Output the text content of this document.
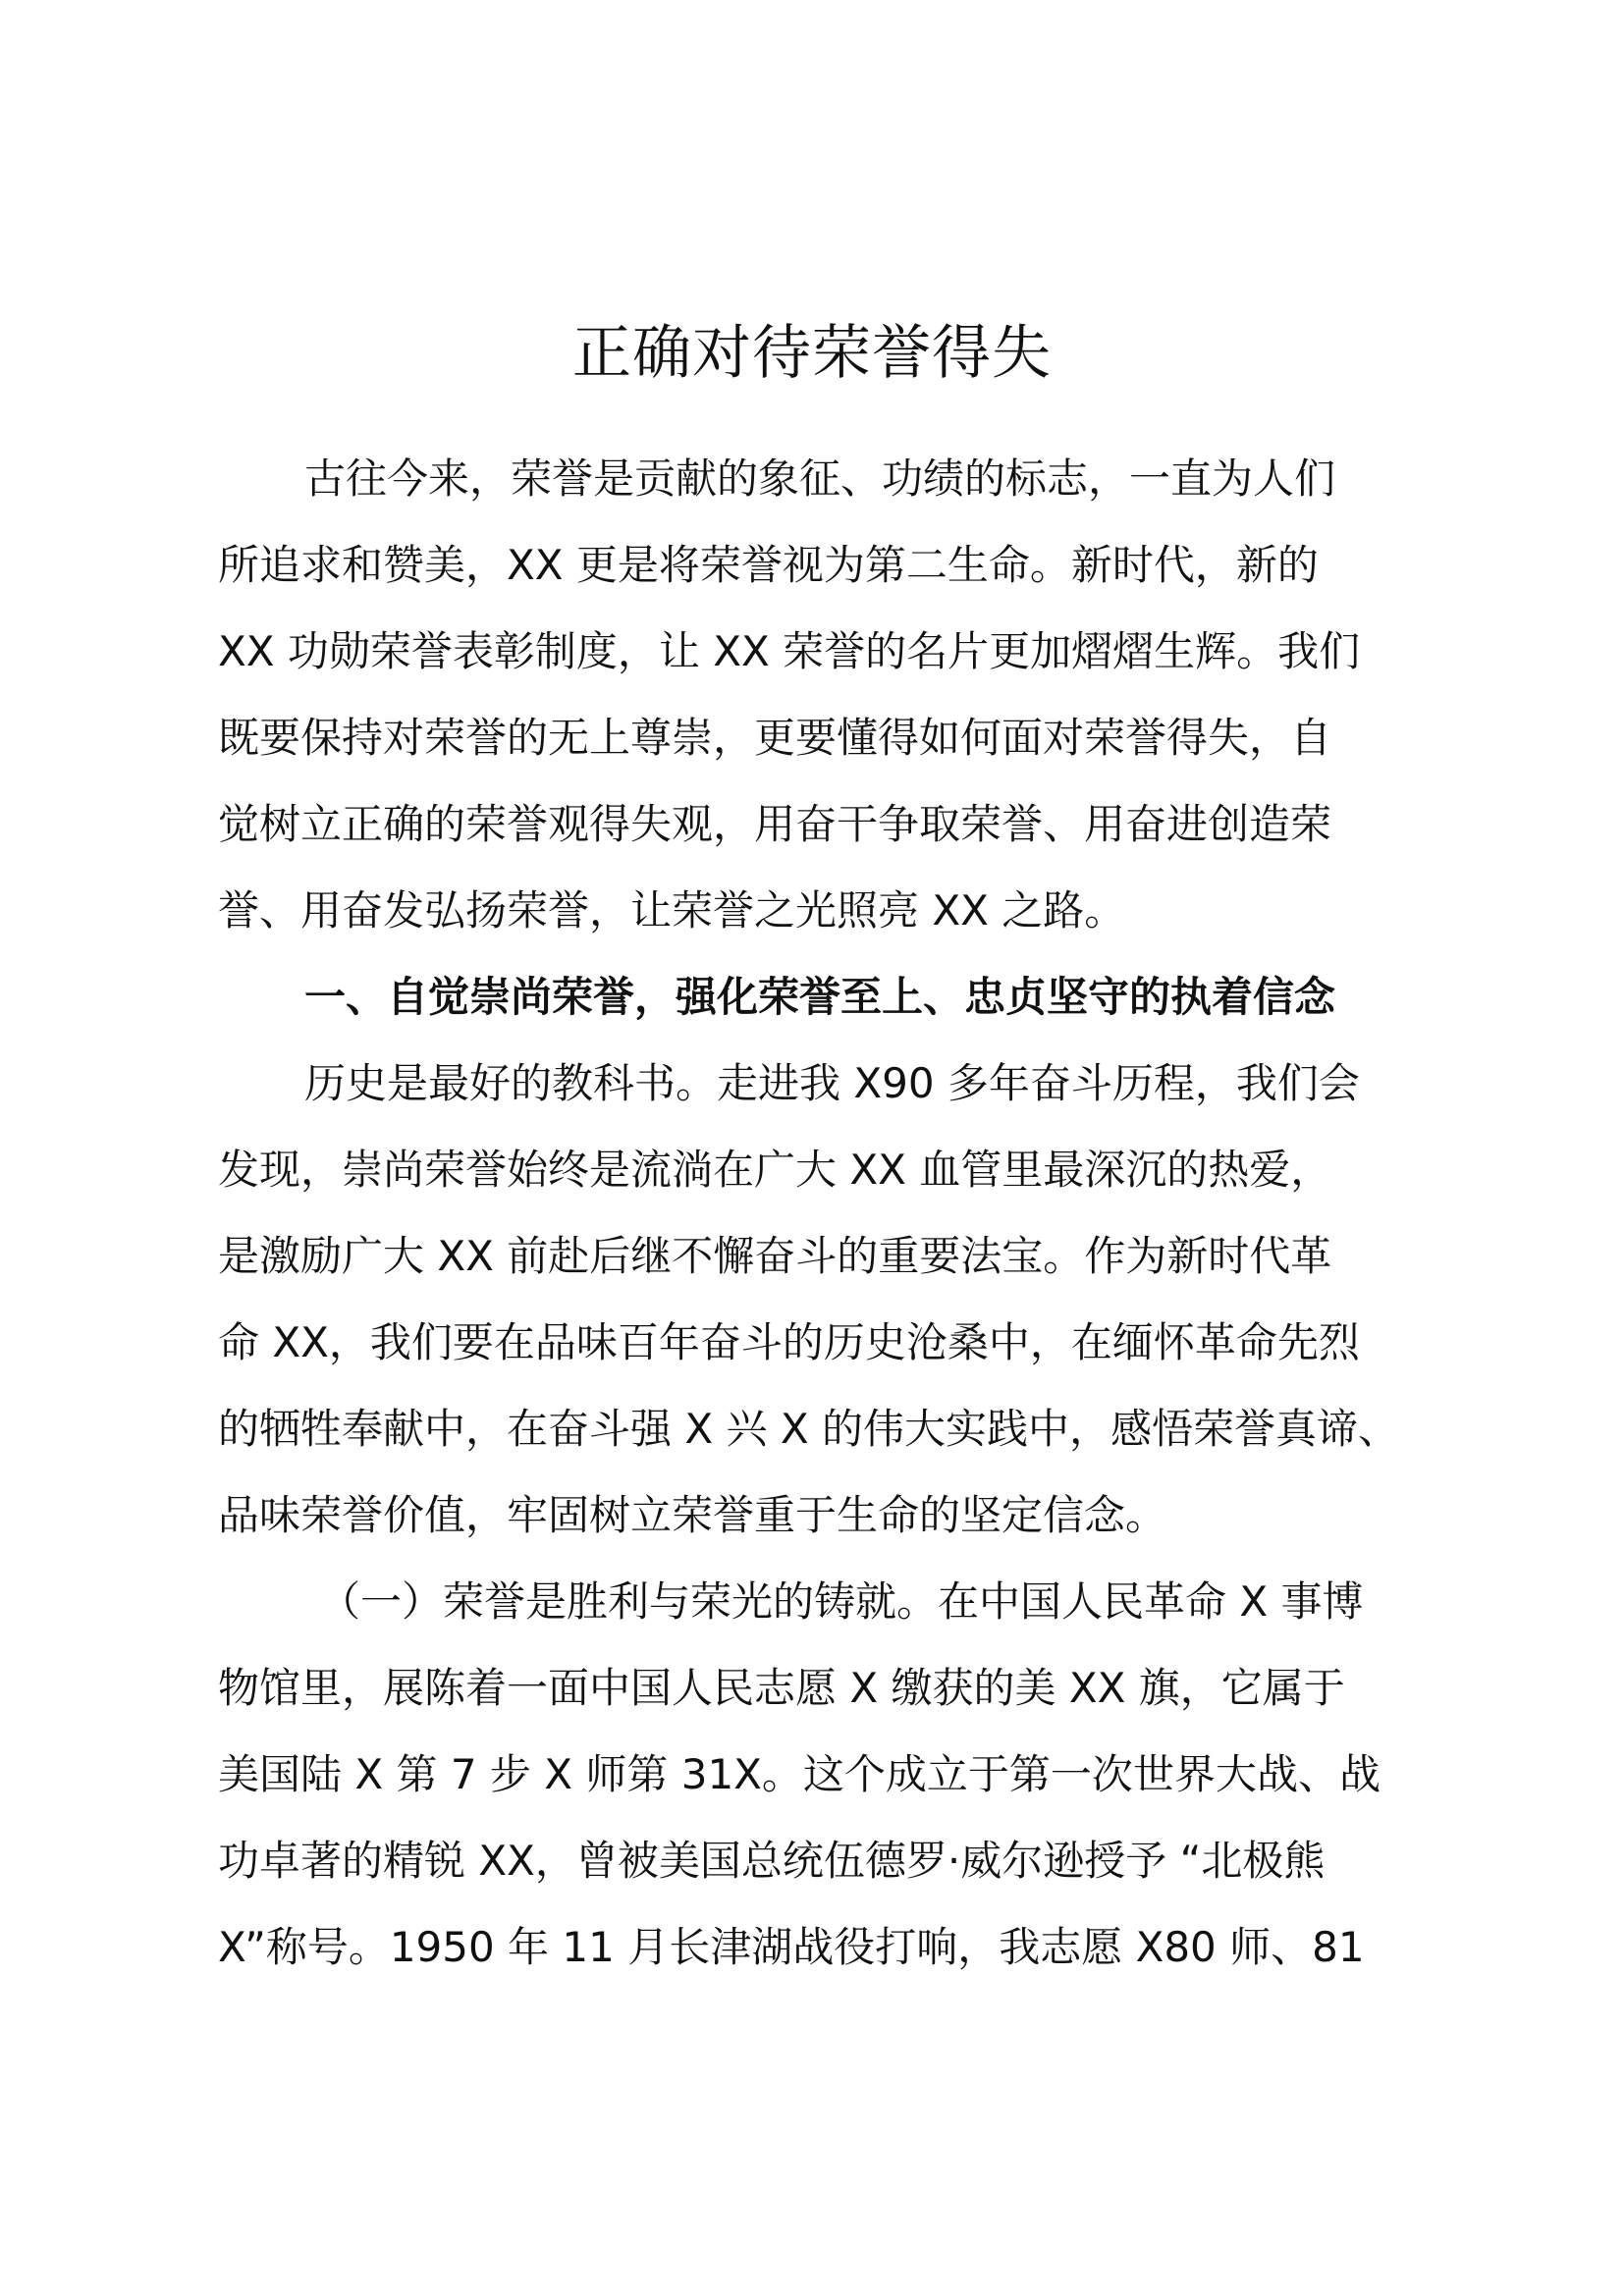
正确对待荣誉得失

古往今来，荣誉是贡献的象征、功绩的标志，一直为人们

所追求和赞美，XX 更是将荣誉视为第二生命。新时代，新的

XX 功勋荣誉表彰制度，让 XX 荣誉的名片更加熠熠生辉。我们

既要保持对荣誉的无上尊崇，更要懂得如何面对荣誉得失，自

觉树立正确的荣誉观得失观，用奋干争取荣誉、用奋进创造荣

誉、用奋发弘扬荣誉，让荣誉之光照亮 XX 之路。

一、自觉崇尚荣誉，强化荣誉至上、忠贞坚守的执着信念

历史是最好的教科书。走进我 X90 多年奋斗历程，我们会

发现，崇尚荣誉始终是流淌在广大 XX 血管里最深沉的热爱，

是激励广大 XX 前赴后继不懈奋斗的重要法宝。作为新时代革

命 XX，我们要在品味百年奋斗的历史沧桑中，在缅怀革命先烈

的牺牲奉献中，在奋斗强 X 兴 X 的伟大实践中，感悟荣誉真谛、

品味荣誉价值，牢固树立荣誉重于生命的坚定信念。

（一）荣誉是胜利与荣光的铸就。在中国人民革命 X 事博

物馆里，展陈着一面中国人民志愿 X 缴获的美 XX 旗，它属于

美国陆 X 第 7 步 X 师第 31X。这个成立于第一次世界大战、战

功卓著的精锐 XX，曾被美国总统伍德罗·威尔逊授予 “北极熊

X”称号。1950 年 11 月长津湖战役打响，我志愿 X80 师、81
